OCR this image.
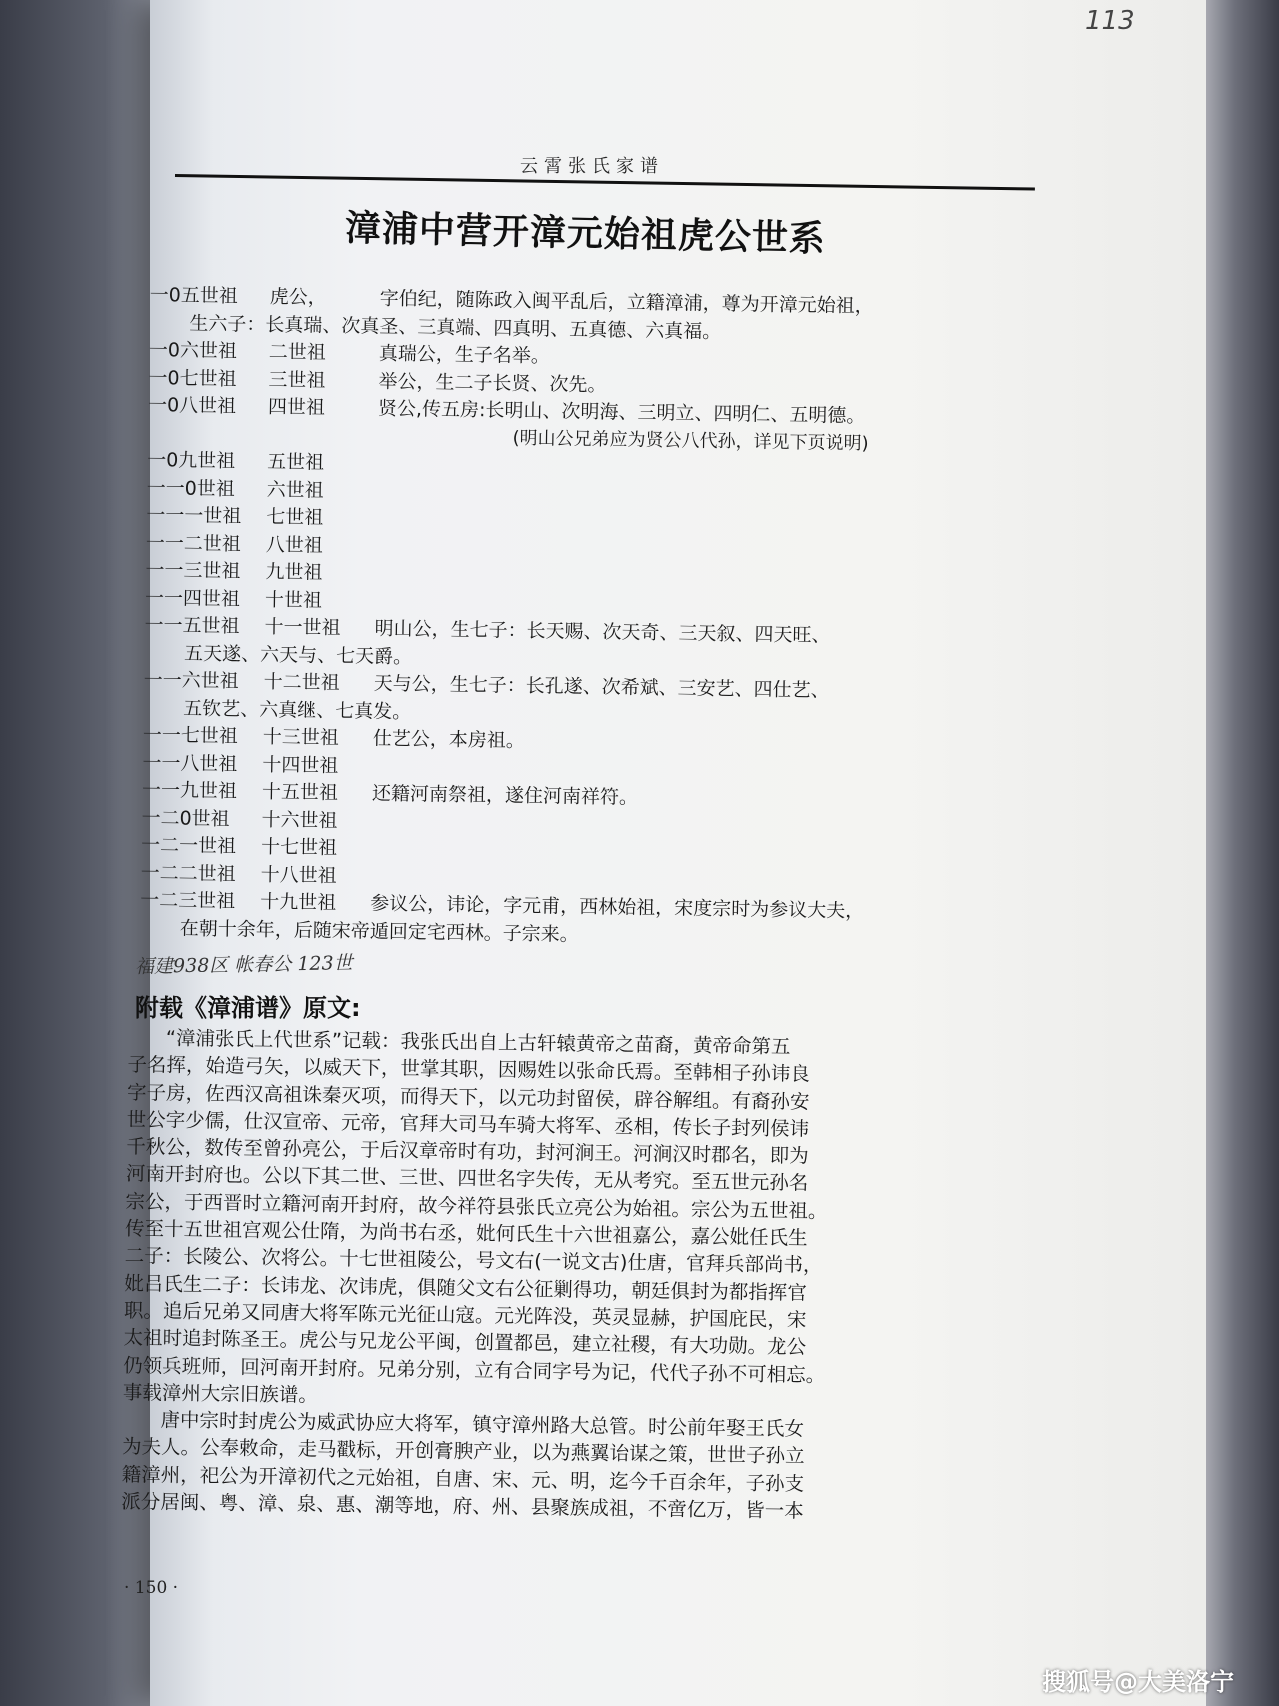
113
云霄张氏家谱
漳浦中营开漳元始祖虎公世系
一0五世祖	虎公，	字伯纪，随陈政入闽平乱后，立籍漳浦，尊为开漳元始祖，
生六子：长真瑞、次真圣、三真端、四真明、五真德、六真福。
一0六世祖	二世祖	真瑞公，生子名举。
一0七世祖	三世祖	举公，生二子长贤、次先。
一0八世祖	四世祖	贤公,传五房:长明山、次明海、三明立、四明仁、五明德。
(明山公兄弟应为贤公八代孙，详见下页说明)
一0九世祖	五世祖
一一0世祖	六世祖
一一一世祖	七世祖
一一二世祖	八世祖
一一三世祖	九世祖
一一四世祖	十世祖
一一五世祖	十一世祖	明山公，生七子：长天赐、次天奇、三天叙、四天旺、
五天遂、六天与、七天爵。
一一六世祖	十二世祖	天与公，生七子：长孔遂、次希斌、三安艺、四仕艺、
五钦艺、六真继、七真发。
一一七世祖	十三世祖	仕艺公，本房祖。
一一八世祖	十四世祖
一一九世祖	十五世祖	还籍河南祭祖，遂住河南祥符。
一二0世祖	十六世祖
一二一世祖	十七世祖
一二二世祖	十八世祖
一二三世祖	十九世祖	参议公，讳论，字元甫，西林始祖，宋度宗时为参议大夫，
在朝十余年，后随宋帝遁回定宅西林。子宗来。
福建938区 帐春公 123世
附载《漳浦谱》原文:
“漳浦张氏上代世系”记载：我张氏出自上古轩辕黄帝之苗裔，黄帝命第五
子名挥，始造弓矢，以威天下，世掌其职，因赐姓以张命氏焉。至韩相子孙讳良
字子房，佐西汉高祖诛秦灭项，而得天下，以元功封留侯，辟谷解组。有裔孙安
世公字少儒，仕汉宣帝、元帝，官拜大司马车骑大将军、丞相，传长子封列侯讳
千秋公，数传至曾孙亮公，于后汉章帝时有功，封河涧王。河涧汉时郡名，即为
河南开封府也。公以下其二世、三世、四世名字失传，无从考究。至五世元孙名
宗公，于西晋时立籍河南开封府，故今祥符县张氏立亮公为始祖。宗公为五世祖。
传至十五世祖宫观公仕隋，为尚书右丞，妣何氏生十六世祖嘉公，嘉公妣任氏生
二子：长陵公、次将公。十七世祖陵公，号文右(一说文古)仕唐，官拜兵部尚书，
妣吕氏生二子：长讳龙、次讳虎，俱随父文右公征剿得功，朝廷俱封为都指挥官
职。追后兄弟又同唐大将军陈元光征山寇。元光阵没，英灵显赫，护国庇民，宋
太祖时追封陈圣王。虎公与兄龙公平闽，创置都邑，建立社稷，有大功勋。龙公
仍领兵班师，回河南开封府。兄弟分别，立有合同字号为记，代代子孙不可相忘。
事载漳州大宗旧族谱。
唐中宗时封虎公为威武协应大将军，镇守漳州路大总管。时公前年娶王氏女
为夫人。公奉敕命，走马戳标，开创膏腴产业，以为燕翼诒谋之策，世世子孙立
籍漳州，祀公为开漳初代之元始祖，自唐、宋、元、明，迄今千百余年，子孙支
派分居闽、粤、漳、泉、惠、潮等地，府、州、县聚族成祖，不啻亿万，皆一本
· 150 ·
搜狐号@大美洛宁
